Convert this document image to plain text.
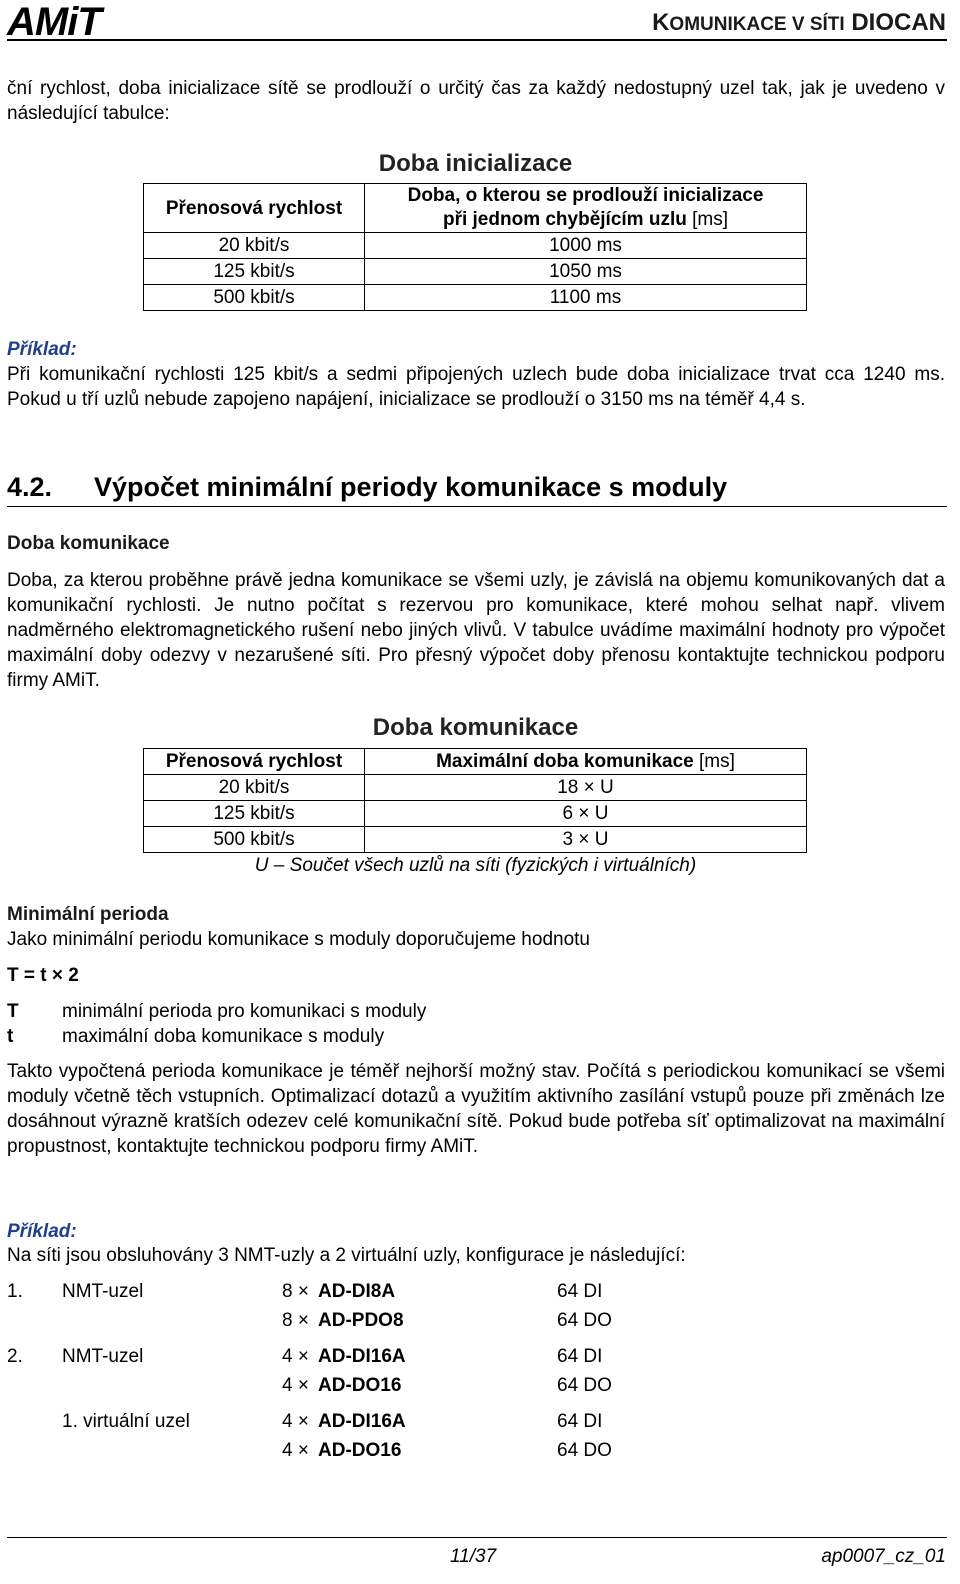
AMiT	KOMUNIKACE V SÍTI DIOCAN

ční rychlost, doba inicializace sítě se prodlouží o určitý čas za každý nedostupný uzel tak, jak je uvedeno v následující tabulce:

Doba inicializace
Přenosová rychlost	Doba, o kterou se prodlouží inicializace
při jednom chybějícím uzlu [ms]
20 kbit/s	1000 ms
125 kbit/s	1050 ms
500 kbit/s	1100 ms
Příklad:

Při komunikační rychlosti 125 kbit/s a sedmi připojených uzlech bude doba inicializace trvat cca 1240 ms. Pokud u tří uzlů nebude zapojeno napájení, inicializace se prodlouží o 3150 ms na téměř 4,4 s.

4.2. Výpočet minimální periody komunikace s moduly
Doba komunikace

Doba, za kterou proběhne právě jedna komunikace se všemi uzly, je závislá na objemu komunikovaných dat a komunikační rychlosti. Je nutno počítat s rezervou pro komunikace, které mohou selhat např. vlivem nadměrného elektromagnetického rušení nebo jiných vlivů. V tabulce uvádíme maximální hodnoty pro výpočet maximální doby odezvy v nezarušené síti. Pro přesný výpočet doby přenosu kontaktujte technickou podporu firmy AMiT.

Doba komunikace
Přenosová rychlost	Maximální doba komunikace [ms]
20 kbit/s	18 × U
125 kbit/s	6 × U
500 kbit/s	3 × U
U – Součet všech uzlů na síti (fyzických i virtuálních)
Minimální perioda
Jako minimální periodu komunikace s moduly doporučujeme hodnotu
T = t × 2
T minimální perioda pro komunikaci s moduly
t	maximální doba komunikace s moduly

Takto vypočtená perioda komunikace je téměř nejhorší možný stav. Počítá s periodickou komunikací se všemi moduly včetně těch vstupních. Optimalizací dotazů a využitím aktivního zasílání vstupů pouze při změnách lze dosáhnout výrazně kratších odezev celé komunikační sítě. Pokud bude potřeba síť optimalizovat na maximální propustnost, kontaktujte technickou podporu firmy AMiT.

Příklad:
Na síti jsou obsluhovány 3 NMT-uzly a 2 virtuální uzly, konfigurace je následující:
1. NMT-uzel	8 × AD-DI8A	64 DI
8 × AD-PDO8	64 DO
2. NMT-uzel	4 × AD-DI16A	64 DI
4 × AD-DO16	64 DO
1. virtuální uzel	4 × AD-DI16A	64 DI
4 × AD-DO16	64 DO
11/37	ap0007_cz_01
